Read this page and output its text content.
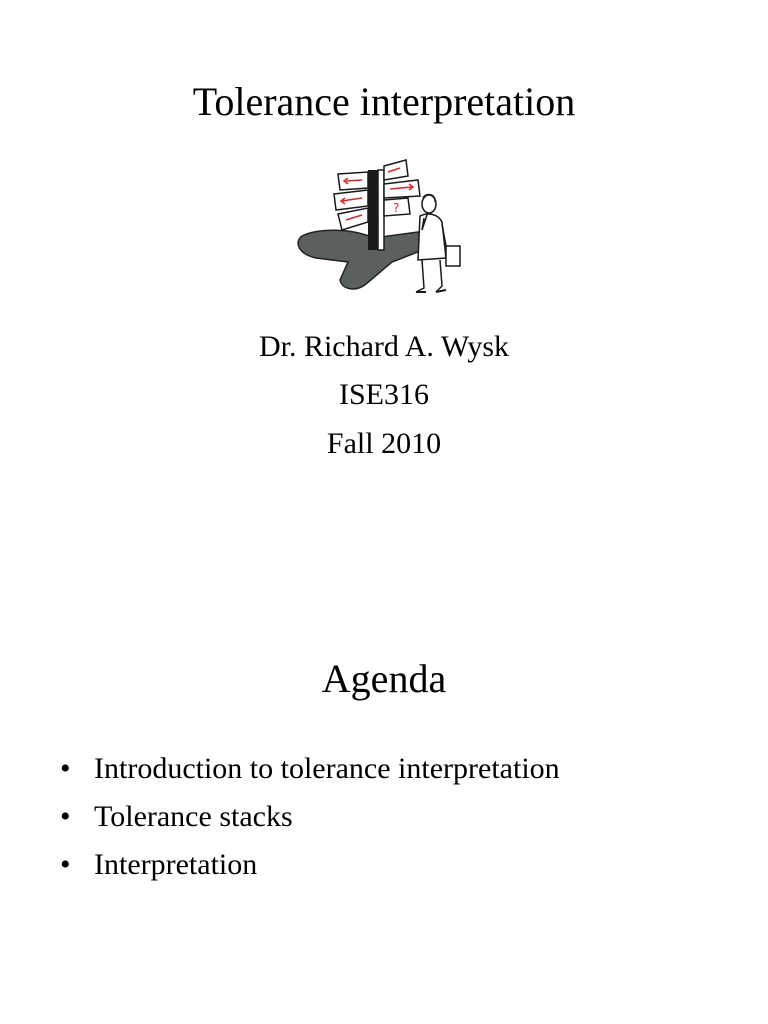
Tolerance interpretation
?

Dr. Richard A. Wysk

ISE316

Fall 2010

Agenda
• Introduction to tolerance interpretation
• Tolerance stacks
• Interpretation
